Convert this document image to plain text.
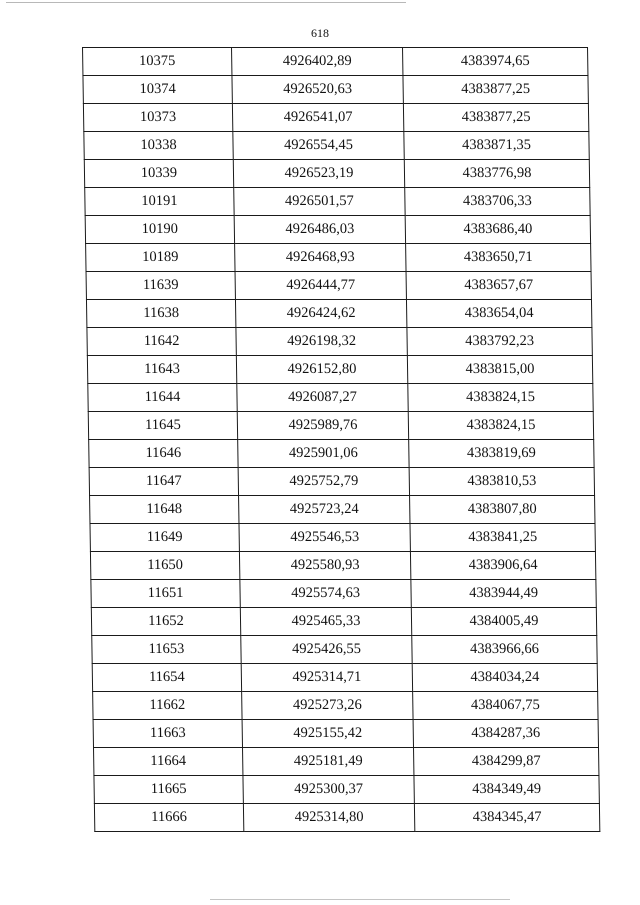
618
10375	4926402,89	4383974,65
10374	4926520,63	4383877,25
10373	4926541,07	4383877,25
10338	4926554,45	4383871,35
10339	4926523,19	4383776,98
10191	4926501,57	4383706,33
10190	4926486,03	4383686,40
10189	4926468,93	4383650,71
11639	4926444,77	4383657,67
11638	4926424,62	4383654,04
11642	4926198,32	4383792,23
11643	4926152,80	4383815,00
11644	4926087,27	4383824,15
11645	4925989,76	4383824,15
11646	4925901,06	4383819,69
11647	4925752,79	4383810,53
11648	4925723,24	4383807,80
11649	4925546,53	4383841,25
11650	4925580,93	4383906,64
11651	4925574,63	4383944,49
11652	4925465,33	4384005,49
11653	4925426,55	4383966,66
11654	4925314,71	4384034,24
11662	4925273,26	4384067,75
11663	4925155,42	4384287,36
11664	4925181,49	4384299,87
11665	4925300,37	4384349,49
11666	4925314,80	4384345,47
